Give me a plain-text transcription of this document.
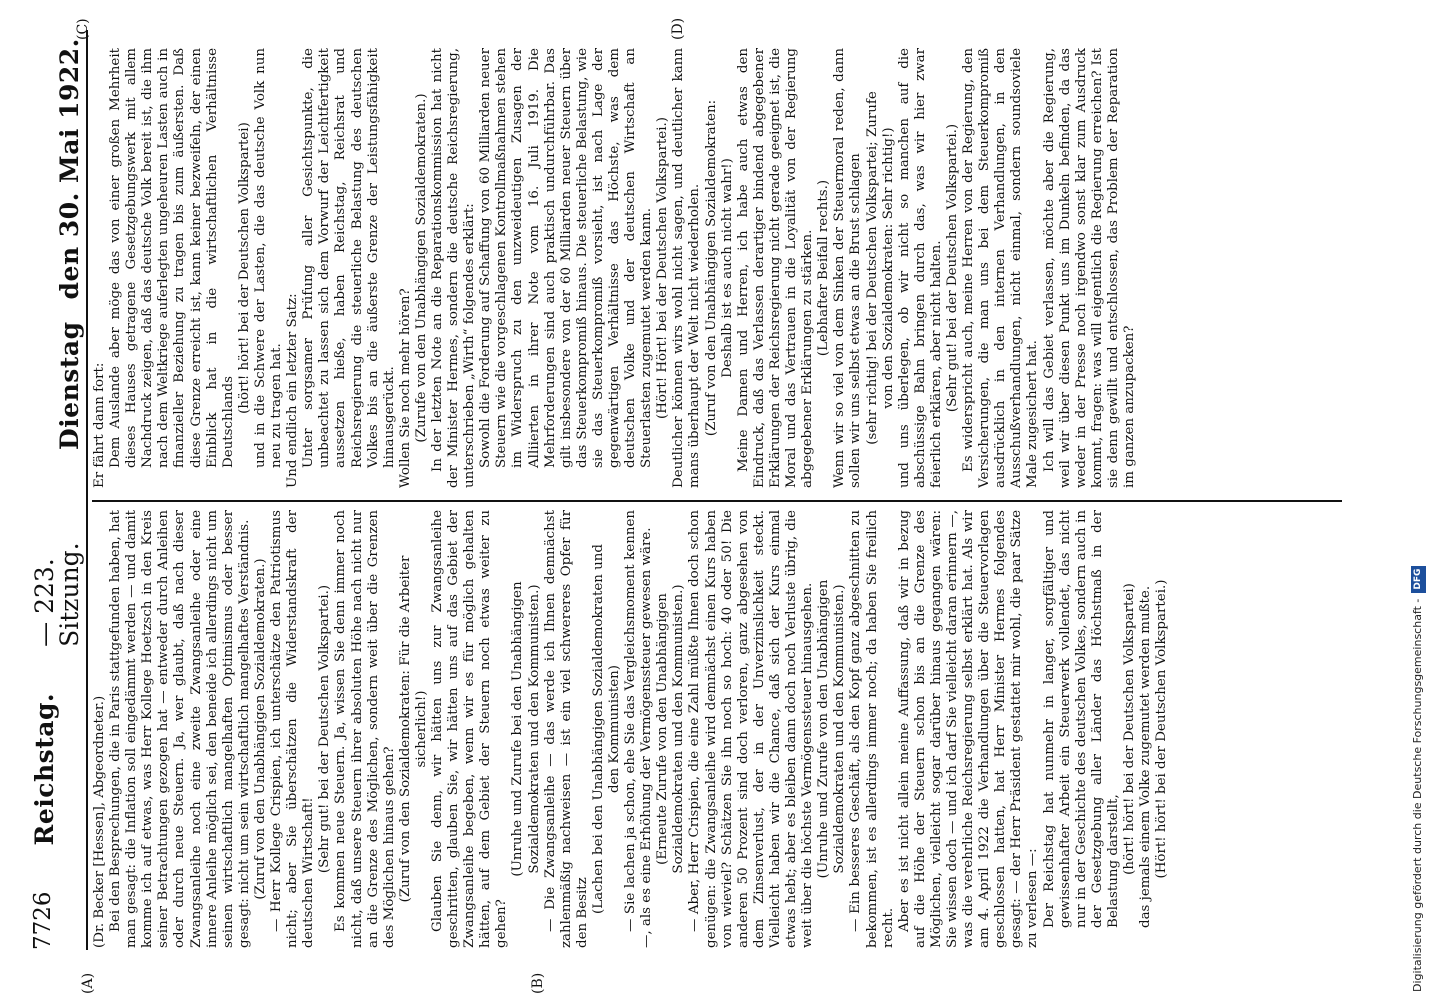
7726
Reichstag.
— 223. Sitzung.
Dienstag
den 30. Mai 1922.
(A)	(B)
(C)	(D)

(Dr. Becker [Hessen], Abgeordneter.) Bei den Besprechungen, die in Paris stattgefunden haben, hat man gesagt: die Inflation soll eingedämmt werden — und damit komme ich auf etwas, was Herr Kollege Hoetzsch in den Kreis seiner Betrachtungen gezogen hat — entweder durch Anleihen oder durch neue Steuern. Ja, wer glaubt, daß nach dieser Zwangsanleihe noch eine zweite Zwangsanleihe oder eine innere Anleihe möglich sei, den beneide ich allerdings nicht um seinen wirtschaftlich mangelhaften Optimismus oder besser gesagt: nicht um sein wirtschaftlich mangelhaftes Verständnis. (Zuruf von den Unabhängigen Sozialdemokraten.) — Herr Kollege Crispien, ich unterschätze den Patriotismus nicht; aber Sie überschätzen die Widerstandskraft der deutschen Wirtschaft! (Sehr gut! bei der Deutschen Volkspartei.) Es kommen neue Steuern. Ja, wissen Sie denn immer noch nicht, daß unsere Steuern ihrer absoluten Höhe nach nicht nur an die Grenze des Möglichen, sondern weit über die Grenzen des Möglichen hinaus gehen? (Zuruf von den Sozialdemokraten: Für die Arbeiter sicherlich!) Glauben Sie denn, wir hätten uns zur Zwangsanleihe geschritten, glauben Sie, wir hätten uns auf das Gebiet der Zwangsanleihe begeben, wenn wir es für möglich gehalten hätten, auf dem Gebiet der Steuern noch etwas weiter zu gehen?

(Unruhe und Zurufe bei den Unabhängigen Sozialdemokraten und den Kommunisten.) — Die Zwangsanleihe — das werde ich Ihnen demnächst zahlenmäßig nachweisen — ist ein viel schwereres Opfer für den Besitz (Lachen bei den Unabhängigen Sozialdemokraten und den Kommunisten) — Sie lachen ja schon, ehe Sie das Vergleichsmoment kennen —, als es eine Erhöhung der Vermögenssteuer gewesen wäre. (Erneute Zurufe von den Unabhängigen Sozialdemokraten und den Kommunisten.) — Aber, Herr Crispien, die eine Zahl müßte Ihnen doch schon genügen: die Zwangsanleihe wird demnächst einen Kurs haben von wieviel? Schätzen Sie ihn noch so hoch: 40 oder 50! Die anderen 50 Prozent sind doch verloren, ganz abgesehen von dem Zinsenverlust, der in der Unverzinslichkeit steckt. Vielleicht haben wir die Chance, daß sich der Kurs einmal etwas hebt; aber es bleiben dann doch noch Verluste übrig, die weit über die höchste Vermögenssteuer hinausgehen. (Unruhe und Zurufe von den Unabhängigen Sozialdemokraten und den Kommunisten.) — Ein besseres Geschäft, als den Kopf ganz abgeschnitten zu bekommen, ist es allerdings immer noch; da haben Sie freilich recht. Aber es ist nicht allein meine Auffassung, daß wir in bezug auf die Höhe der Steuern schon bis an die Grenze des Möglichen, vielleicht sogar darüber hinaus gegangen wären: Sie wissen doch — und ich darf Sie vielleicht daran erinnern —, was die verehrliche Reichsregierung selbst erklärt hat. Als wir am 4. April 1922 die Verhandlungen über die Steuervorlagen geschlossen hatten, hat Herr Minister Hermes folgendes gesagt: — der Herr Präsident gestattet mir wohl, die paar Sätze zu verlesen —: Der Reichstag hat nunmehr in langer, sorgfältiger und gewissenhafter Arbeit ein Steuerwerk vollendet, das nicht nur in der Geschichte des deutschen Volkes, sondern auch in der Gesetzgebung aller Länder das Höchstmaß in der Belastung darstellt, (hört! hört! bei der Deutschen Volkspartei) das jemals einem Volke zugemutet werden mußte. (Hört! hört! bei der Deutschen Volkspartei.)

Er fährt dann fort: Dem Auslande aber möge das von einer großen Mehrheit dieses Hauses getragene Gesetzgebungswerk mit allem Nachdruck zeigen, daß das deutsche Volk bereit ist, die ihm nach dem Weltkriege auferlegten ungeheuren Lasten auch in finanzieller Beziehung zu tragen bis zum äußersten. Daß diese Grenze erreicht ist, kann keiner bezweifeln, der einen Einblick hat in die wirtschaftlichen Verhältnisse Deutschlands

(hört! hört! bei der Deutschen Volkspartei) und in die Schwere der Lasten, die das deutsche Volk nun neu zu tragen hat. Und endlich ein letzter Satz: Unter sorgsamer Prüfung aller Gesichtspunkte, die unbeachtet zu lassen sich dem Vorwurf der Leichtfertigkeit aussetzen hieße, haben Reichstag, Reichsrat und Reichsregierung die steuerliche Belastung des deutschen Volkes bis an die äußerste Grenze der Leistungsfähigkeit hinausgerückt. Wollen Sie noch mehr hören? (Zurufe von den Unabhängigen Sozialdemokraten.) In der letzten Note an die Reparationskommission hat nicht der Minister Hermes, sondern die deutsche Reichsregierung, unterschrieben „Wirth“ folgendes erklärt: Sowohl die Forderung auf Schaffung von 60 Milliarden neuer Steuern wie die vorgeschlagenen Kontrollmaßnahmen stehen im Widerspruch zu den unzweideutigen Zusagen der Alliierten in ihrer Note vom 16. Juli 1919. Die Mehrforderungen sind auch praktisch undurchführbar. Das gilt insbesondere von der 60 Milliarden neuer Steuern über das Steuerkompromiß hinaus. Die steuerliche Belastung, wie sie das Steuerkompromiß vorsieht, ist nach Lage der gegenwärtigen Verhältnisse das Höchste, was dem deutschen Volke und der deutschen Wirtschaft an Steuerlasten zugemutet werden kann. (Hört! Hört! bei der Deutschen Volkspartei.) Deutlicher können wirs wohl nicht sagen, und deutlicher kann mans überhaupt der Welt nicht wiederholen. (Zuruf von den Unabhängigen Sozialdemokraten: Deshalb ist es auch nicht wahr!) Meine Damen und Herren, ich habe auch etwas den Eindruck, daß das Verlassen derartiger bindend abgegebener Erklärungen der Reichsregierung nicht gerade geeignet ist, die Moral und das Vertrauen in die Loyalität von der Regierung abgegebener Erklärungen zu stärken. (Lebhafter Beifall rechts.) Wenn wir so viel von dem Sinken der Steuermoral reden, dann sollen wir uns selbst etwas an die Brust schlagen (sehr richtig! bei der Deutschen Volkspartei; Zurufe von den Sozialdemokraten: Sehr richtig!) und uns überlegen, ob wir nicht so manchen auf die abschüssige Bahn bringen durch das, was wir hier zwar feierlich erklären, aber nicht halten. (Sehr gut! bei der Deutschen Volkspartei.) Es widerspricht auch, meine Herren von der Regierung, den Versicherungen, die man uns bei dem Steuerkompromiß ausdrücklich in den internen Verhandlungen, in den Ausschußverhandlungen, nicht einmal, sondern soundsoviele Male zugesichert hat. Ich will das Gebiet verlassen, möchte aber die Regierung, weil wir über diesen Punkt uns im Dunkeln befinden, da das weder in der Presse noch irgendwo sonst klar zum Ausdruck kommt, fragen: was will eigentlich die Regierung erreichen? Ist sie denn gewillt und entschlossen, das Problem der Reparation im ganzen anzupacken?

Digitalisierung gefördert durch die Deutsche Forschungsgemeinschaft -
DFG
